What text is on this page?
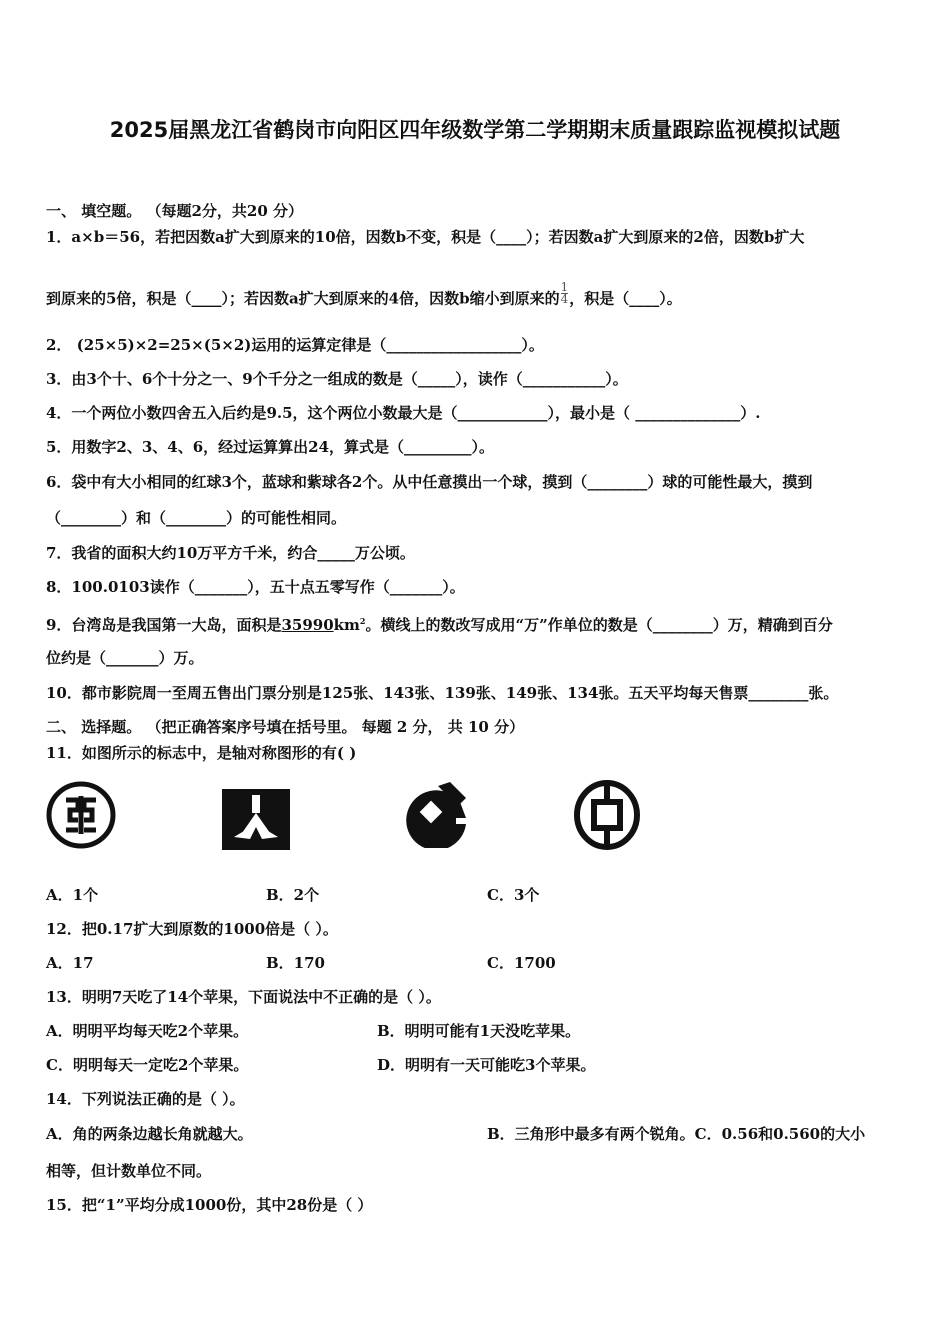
2025届黑龙江省鹤岗市向阳区四年级数学第二学期期末质量跟踪监视模拟试题
一、 填空题。 （每题2分，共20 分）
1．a×b＝56，若把因数a扩大到原来的10倍，因数b不变，积是（____）；若因数a扩大到原来的2倍，因数b扩大
到原来的5倍，积是（____）；若因数a扩大到原来的4倍，因数b缩小到原来的 $\frac{1}{4}$ ，积是（____）。
2． (25×5)×2=25×(5×2)运用的运算定律是（__________________）。
3．由3个十、6个十分之一、9个千分之一组成的数是（_____），读作（___________）。
4．一个两位小数四舍五入后约是9.5，这个两位小数最大是（____________），最小是（ ______________）.
5．用数字2、3、4、6，经过运算算出24，算式是（_________）。
6．袋中有大小相同的红球3个，蓝球和紫球各2个。从中任意摸出一个球，摸到（________）球的可能性最大，摸到
（________）和（________）的可能性相同。
7．我省的面积大约10万平方千米，约合_____万公顷。
8．100.0103读作（_______），五十点五零写作（_______）。
9．台湾岛是我国第一大岛，面积是$35990km^2$。横线上的数改写成用“万”作单位的数是（________）万，精确到百分
位约是（_______）万。
10．都市影院周一至周五售出门票分别是125张、143张、139张、149张、134张。五天平均每天售票________张。
二、 选择题。 （把正确答案序号填在括号里。 每题 2 分， 共 10 分）
11．如图所示的标志中，是轴对称图形的有( )
A．1个	B．2个	C．3个
12．把0.17扩大到原数的1000倍是（ ）。
A．17	B．170	C．1700
13．明明7天吃了14个苹果，下面说法中不正确的是（ ）。
A．明明平均每天吃2个苹果。	B．明明可能有1天没吃苹果。
C．明明每天一定吃2个苹果。	D．明明有一天可能吃3个苹果。
14．下列说法正确的是（ ）。
A．角的两条边越长角就越大。	B．三角形中最多有两个锐角。C．0.56和0.560的大小
相等，但计数单位不同。
15．把“1”平均分成1000份，其中28份是（ ）
